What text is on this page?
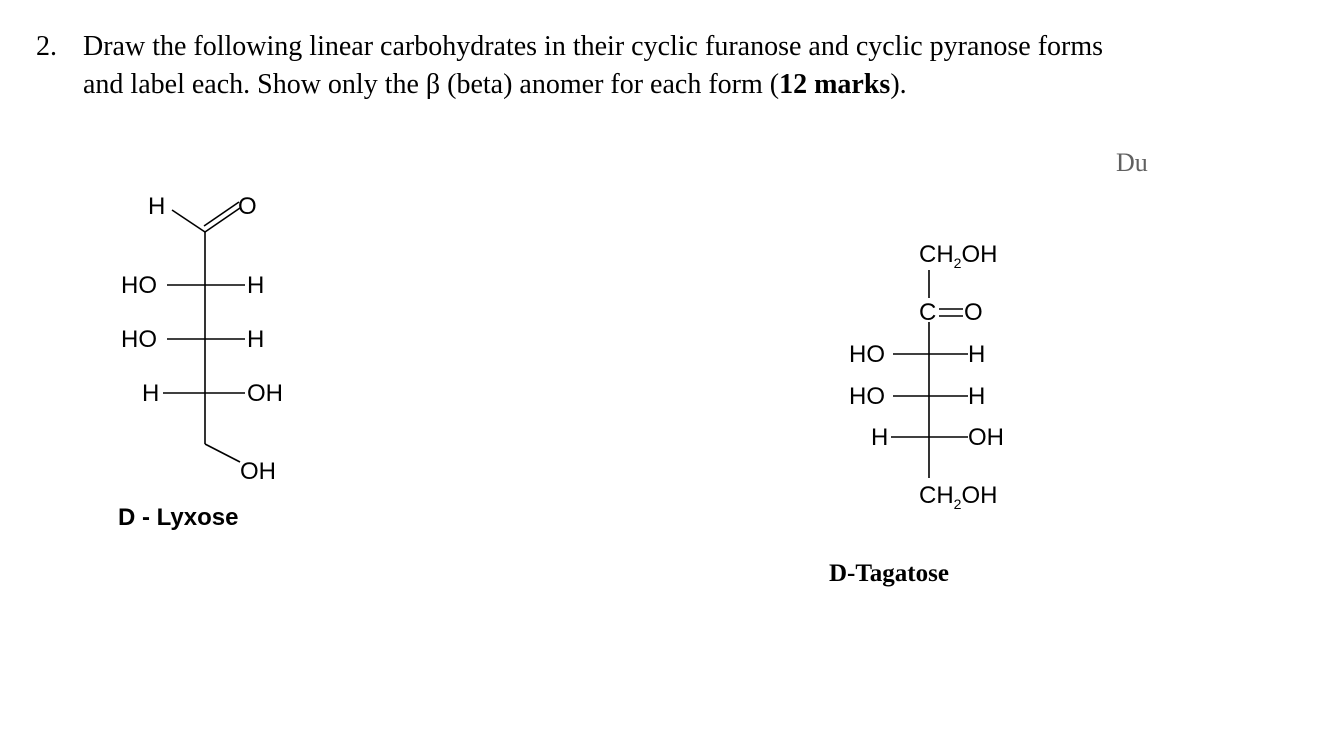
2. Draw the following linear carbohydrates in their cyclic furanose and cyclic pyranose forms
and label each. Show only the β (beta) anomer for each form (12 marks).
Du
H	O
HO	H
HO	H
H	OH
OH
$CH_2OH$
C O
HO	H
HO	H
H	OH
$CH_2OH$
D - Lyxose
D-Tagatose
